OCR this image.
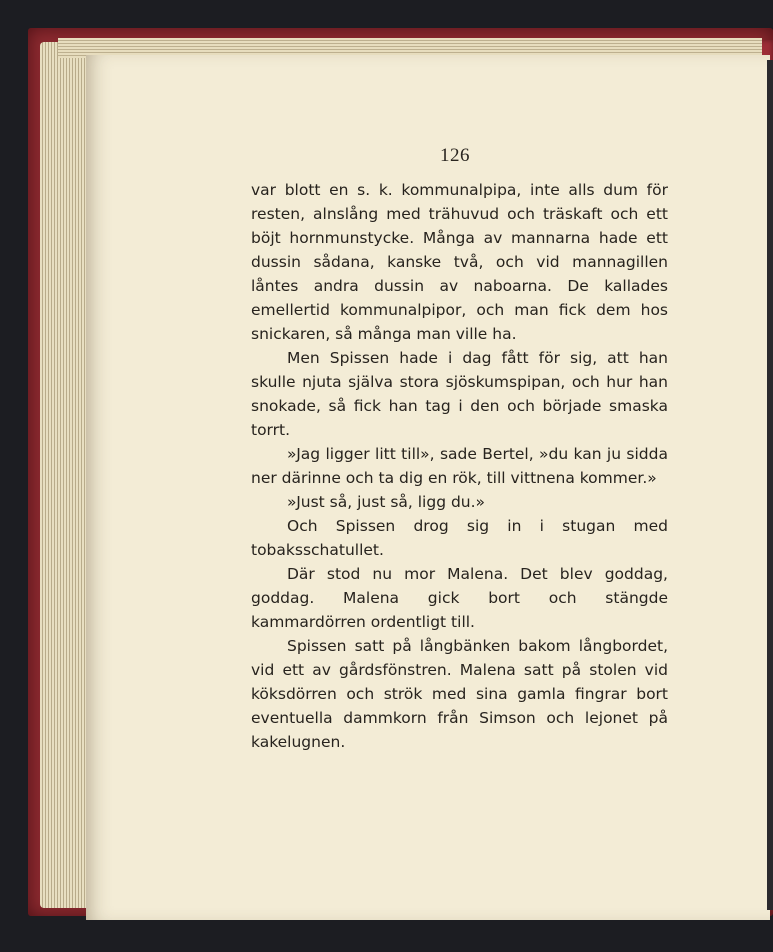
126

var blott en s. k. kommunalpipa, inte alls dum för resten, alnslång med trähuvud och träskaft och ett böjt hornmunstycke. Många av mannarna hade ett dussin sådana, kanske två, och vid mannagillen låntes andra dussin av naboarna. De kallades emellertid kommunalpipor, och man fick dem hos snickaren, så många man ville ha.

Men Spissen hade i dag fått för sig, att han skulle njuta själva stora sjöskumspipan, och hur han snokade, så fick han tag i den och började smaska torrt.

»Jag ligger litt till», sade Bertel, »du kan ju sidda ner därinne och ta dig en rök, till vittnena kommer.»

»Just så, just så, ligg du.»

Och Spissen drog sig in i stugan med tobaksschatullet.

Där stod nu mor Malena. Det blev goddag, goddag. Malena gick bort och stängde kammardörren ordentligt till.

Spissen satt på långbänken bakom långbordet, vid ett av gårdsfönstren. Malena satt på stolen vid köksdörren och strök med sina gamla fingrar bort eventuella dammkorn från Simson och lejonet på kakelugnen.
